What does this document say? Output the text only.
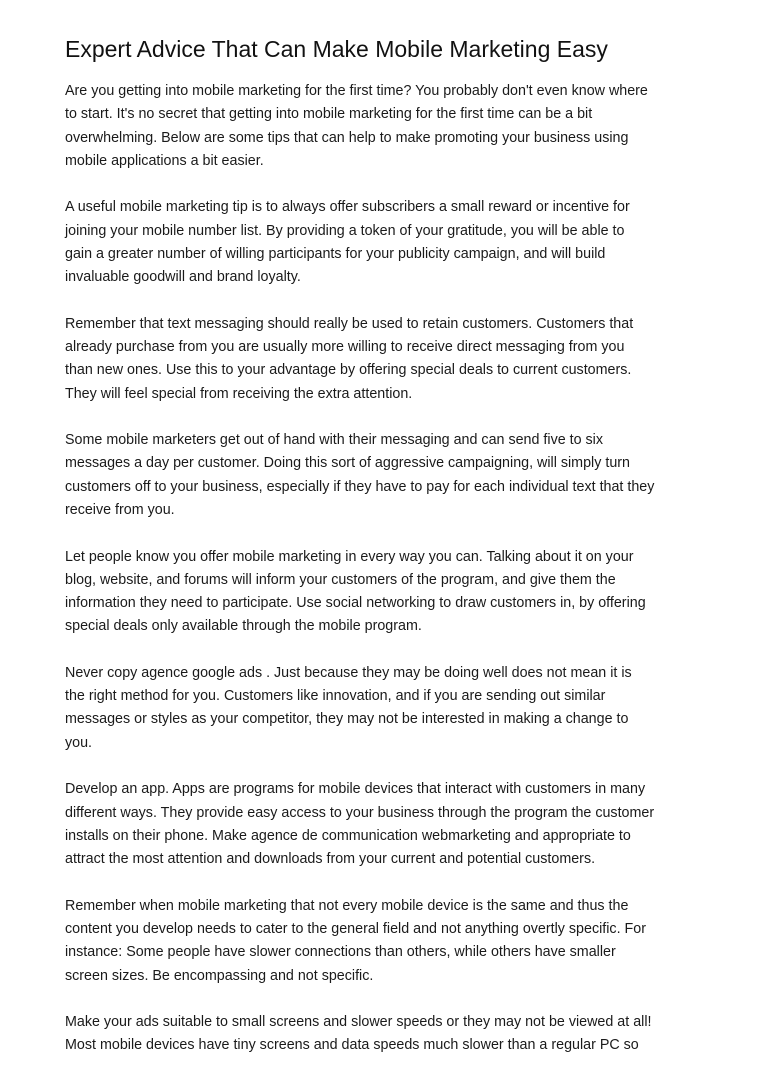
Expert Advice That Can Make Mobile Marketing Easy

Are you getting into mobile marketing for the first time? You probably don't even know where
to start. It's no secret that getting into mobile marketing for the first time can be a bit
overwhelming. Below are some tips that can help to make promoting your business using
mobile applications a bit easier.

A useful mobile marketing tip is to always offer subscribers a small reward or incentive for
joining your mobile number list. By providing a token of your gratitude, you will be able to
gain a greater number of willing participants for your publicity campaign, and will build
invaluable goodwill and brand loyalty.

Remember that text messaging should really be used to retain customers. Customers that
already purchase from you are usually more willing to receive direct messaging from you
than new ones. Use this to your advantage by offering special deals to current customers.
They will feel special from receiving the extra attention.

Some mobile marketers get out of hand with their messaging and can send five to six
messages a day per customer. Doing this sort of aggressive campaigning, will simply turn
customers off to your business, especially if they have to pay for each individual text that they
receive from you.

Let people know you offer mobile marketing in every way you can. Talking about it on your
blog, website, and forums will inform your customers of the program, and give them the
information they need to participate. Use social networking to draw customers in, by offering
special deals only available through the mobile program.

Never copy agence google ads . Just because they may be doing well does not mean it is
the right method for you. Customers like innovation, and if you are sending out similar
messages or styles as your competitor, they may not be interested in making a change to
you.

Develop an app. Apps are programs for mobile devices that interact with customers in many
different ways. They provide easy access to your business through the program the customer
installs on their phone. Make agence de communication webmarketing and appropriate to
attract the most attention and downloads from your current and potential customers.

Remember when mobile marketing that not every mobile device is the same and thus the
content you develop needs to cater to the general field and not anything overtly specific. For
instance: Some people have slower connections than others, while others have smaller
screen sizes. Be encompassing and not specific.

Make your ads suitable to small screens and slower speeds or they may not be viewed at all!
Most mobile devices have tiny screens and data speeds much slower than a regular PC so
